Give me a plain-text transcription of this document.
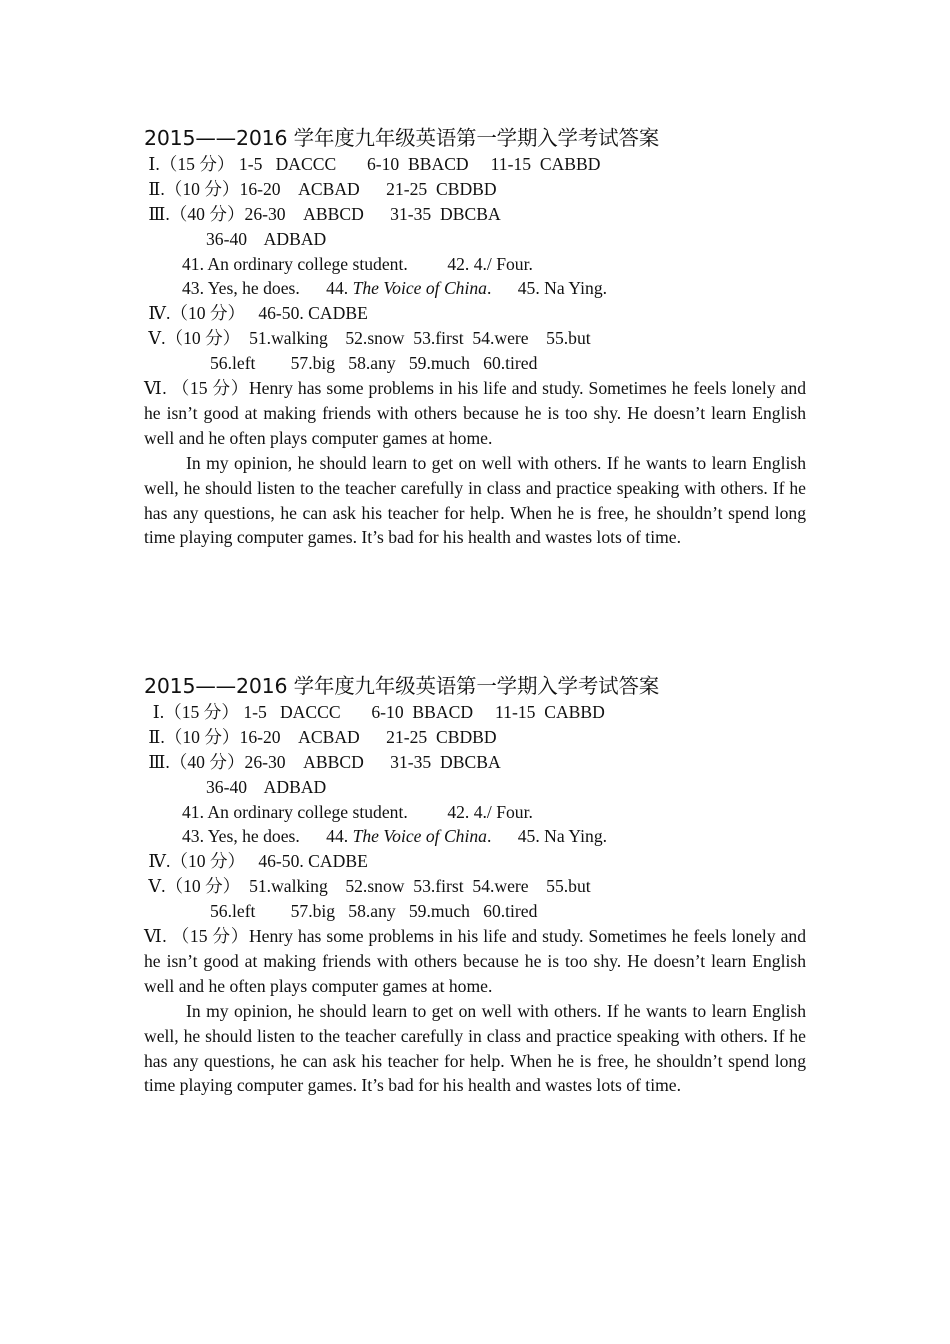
2015——2016 学年度九年级英语第一学期入学考试答案
Ⅰ.（15 分） 1-5   DACCC       6-10  BBACD     11-15  CABBD
Ⅱ.（10 分）16-20    ACBAD      21-25  CBDBD
Ⅲ.（40 分）26-30    ABBCD      31-35  DBCBA
36-40    ADBAD
41. An ordinary college student.         42. 4./ Four.
43. Yes, he does.      44. The Voice of China.      45. Na Ying.
Ⅳ.（10 分）   46-50. CADBE
Ⅴ.（10 分）  51.walking    52.snow  53.first  54.were    55.but
56.left        57.big   58.any   59.much   60.tired
Ⅵ. （15 分）Henry has some problems in his life and study. Sometimes he feels lonely and he isn’t good at making friends with others because he is too shy. He doesn’t learn English well and he often plays computer games at home.
In my opinion, he should learn to get on well with others. If he wants to learn English well, he should listen to the teacher carefully in class and practice speaking with others. If he has any questions, he can ask his teacher for help. When he is free, he shouldn’t spend long time playing computer games. It’s bad for his health and wastes lots of time.
2015——2016 学年度九年级英语第一学期入学考试答案
Ⅰ.（15 分） 1-5   DACCC       6-10  BBACD     11-15  CABBD
Ⅱ.（10 分）16-20    ACBAD      21-25  CBDBD
Ⅲ.（40 分）26-30    ABBCD      31-35  DBCBA
36-40    ADBAD
41. An ordinary college student.         42. 4./ Four.
43. Yes, he does.      44. The Voice of China.      45. Na Ying.
Ⅳ.（10 分）   46-50. CADBE
Ⅴ.（10 分）  51.walking    52.snow  53.first  54.were    55.but
56.left        57.big   58.any   59.much   60.tired
Ⅵ. （15 分）Henry has some problems in his life and study. Sometimes he feels lonely and he isn’t good at making friends with others because he is too shy. He doesn’t learn English well and he often plays computer games at home.
In my opinion, he should learn to get on well with others. If he wants to learn English well, he should listen to the teacher carefully in class and practice speaking with others. If he has any questions, he can ask his teacher for help. When he is free, he shouldn’t spend long time playing computer games. It’s bad for his health and wastes lots of time.
